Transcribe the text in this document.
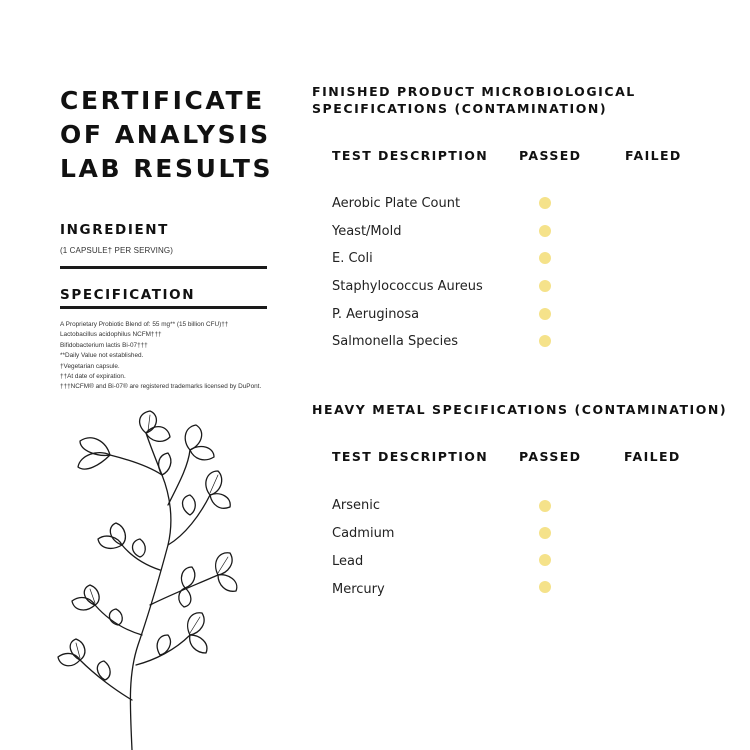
CERTIFICATE
OF ANALYSIS
LAB RESULTS
INGREDIENT
(1 CAPSULE† PER SERVING)
SPECIFICATION
A Proprietary Probiotic Blend of: 55 mg** (15 billion CFU)††
Lactobacillus acidophilus NCFM†††
Bifidobacterium lactis Bi-07†††
**Daily Value not established.
†Vegetarian capsule.
††At date of expiration.
†††NCFM® and Bi-07® are registered trademarks licensed by DuPont.
FINISHED PRODUCT MICROBIOLOGICAL
SPECIFICATIONS (CONTAMINATION)
TEST DESCRIPTION PASSED	FAILED
Aerobic Plate Count
Yeast/Mold
E. Coli
Staphylococcus Aureus
P. Aeruginosa
Salmonella Species
HEAVY METAL SPECIFICATIONS (CONTAMINATION)
TEST DESCRIPTION PASSED	FAILED
Arsenic
Cadmium
Lead
Mercury
